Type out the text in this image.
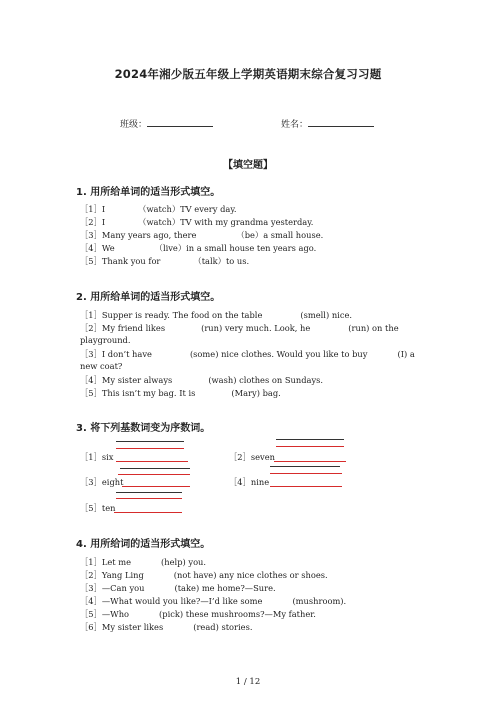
2024年湘少版五年级上学期英语期末综合复习习题
班级：	姓名：
【填空题】
1. 用所给单词的适当形式填空。
［1］I	（watch）TV every day.
［2］I	（watch）TV with my grandma yesterday.
［3］Many years ago, there	（be）a small house.
［4］We	（live）in a small house ten years ago.
［5］Thank you for	（talk）to us.
2. 用所给单词的适当形式填空。
［1］Supper is ready. The food on the table	(smell) nice.
［2］My friend likes	(run) very much. Look, he	(run) on the
playground.
［3］I don’t have	(some) nice clothes. Would you like to buy	(I) a
new coat?
［4］My sister always	(wash) clothes on Sundays.
［5］This isn’t my bag. It is	(Mary) bag.
3. 将下列基数词变为序数词。
［1］six	［2］seven
［3］eight	［4］nine
［5］ten
4. 用所给词的适当形式填空。
［1］Let me	(help) you.
［2］Yang Ling	(not have) any nice clothes or shoes.
［3］—Can you	(take) me home?—Sure.
［4］—What would you like?—I’d like some	(mushroom).
［5］—Who	(pick) these mushrooms?—My father.
［6］My sister likes	(read) stories.
1 / 12
